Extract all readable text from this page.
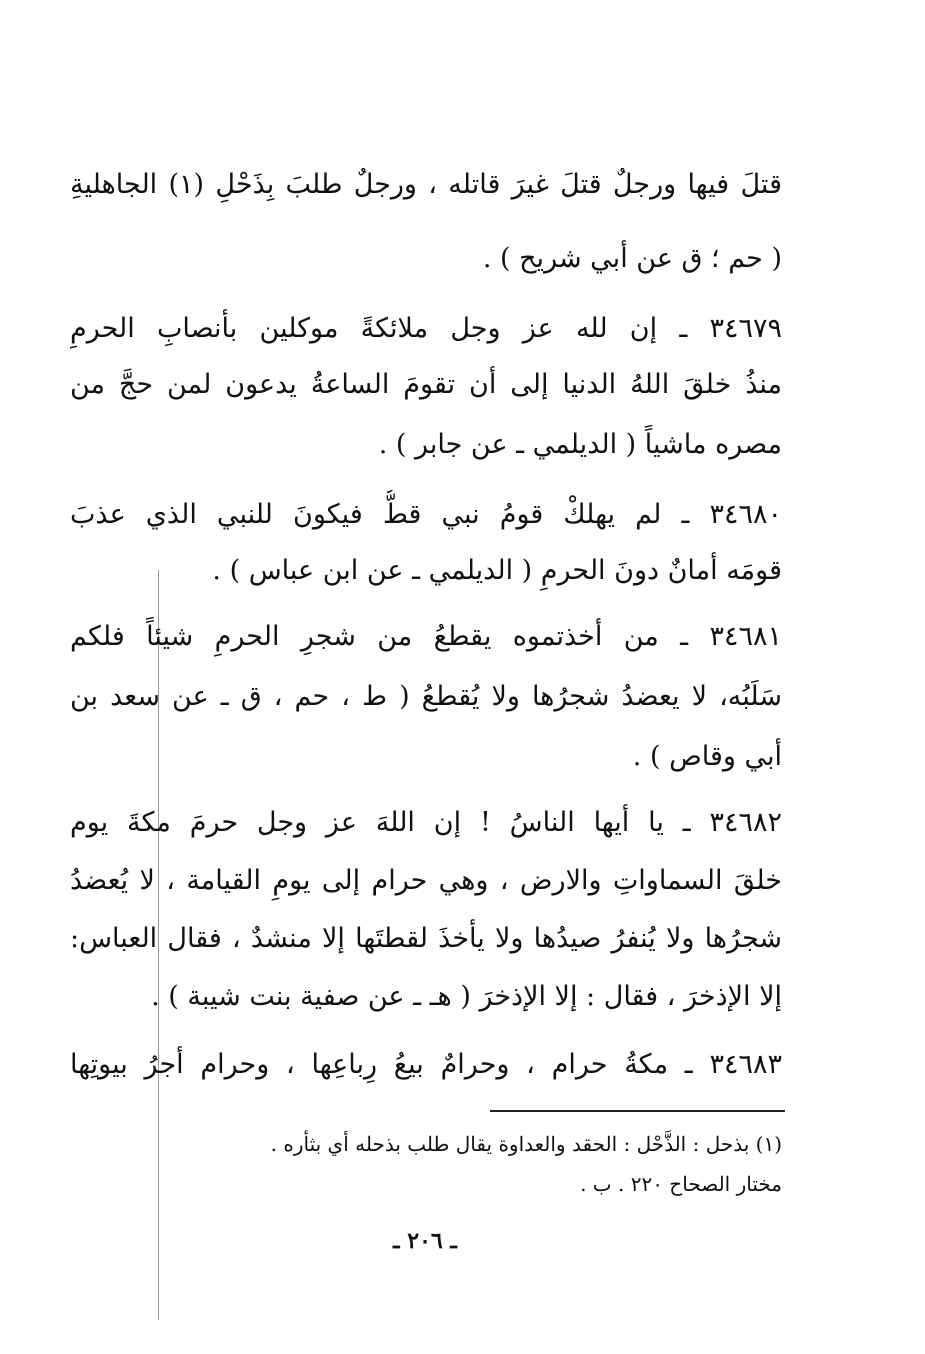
ُقتلَ فيها ورجلٌ قتلَ غيرَ قاتله ، ورجلٌ طلبَ بِذَحْلِ (١) الجاهليةِ
( حم ؛ ق عن أبي شريح ) .
٣٤٦٧٩ ـ إن لله عز وجل ملائكةً موكلين بأنصابِ الحرمِ
منذُ خلقَ اللهُ الدنيا إلى أن تقومَ الساعةُ يدعون لمن حجَّ من
مصره ماشياً ( الديلمي ـ عن جابر ) .
٣٤٦٨٠ ـ لم يهلكْ قومُ نبي قطُّ فيكونَ للنبي الذي عذبَ
قومَه أمانٌ دونَ الحرمِ ( الديلمي ـ عن ابن عباس ) .
٣٤٦٨١ ـ من أخذتموه يقطعُ من شجرِ الحرمِ شيئاً فلكم
سَلَبُه، لا يعضدُ شجرُها ولا يُقطعُ ( ط ، حم ، ق ـ عن سعد بن
أبي وقاص ) .
٣٤٦٨٢ ـ يا أيها الناسُ ! إن اللهَ عز وجل حرمَ مكةَ يوم
خلقَ السماواتِ والارض ، وهي حرام إلى يومِ القيامة ، لا يُعضدُ
شجرُها ولا يُنفرُ صيدُها ولا يأخذَ لقطتَها إلا منشدٌ ، فقال العباس:
إلا الإذخرَ ، فقال : إلا الإذخرَ ( هـ ـ عن صفية بنت شيبة ) .
٣٤٦٨٣ ـ مكةُ حرام ، وحرامٌ بيعُ رِباعِها ، وحرام أجرُ بيوتِها
(١) بذحل : الذَّحْل : الحقد والعداوة يقال طلب بذحله أي بثأره .
مختار الصحاح ٢٢٠ . ب .
ـ ٢٠٦ ـ
